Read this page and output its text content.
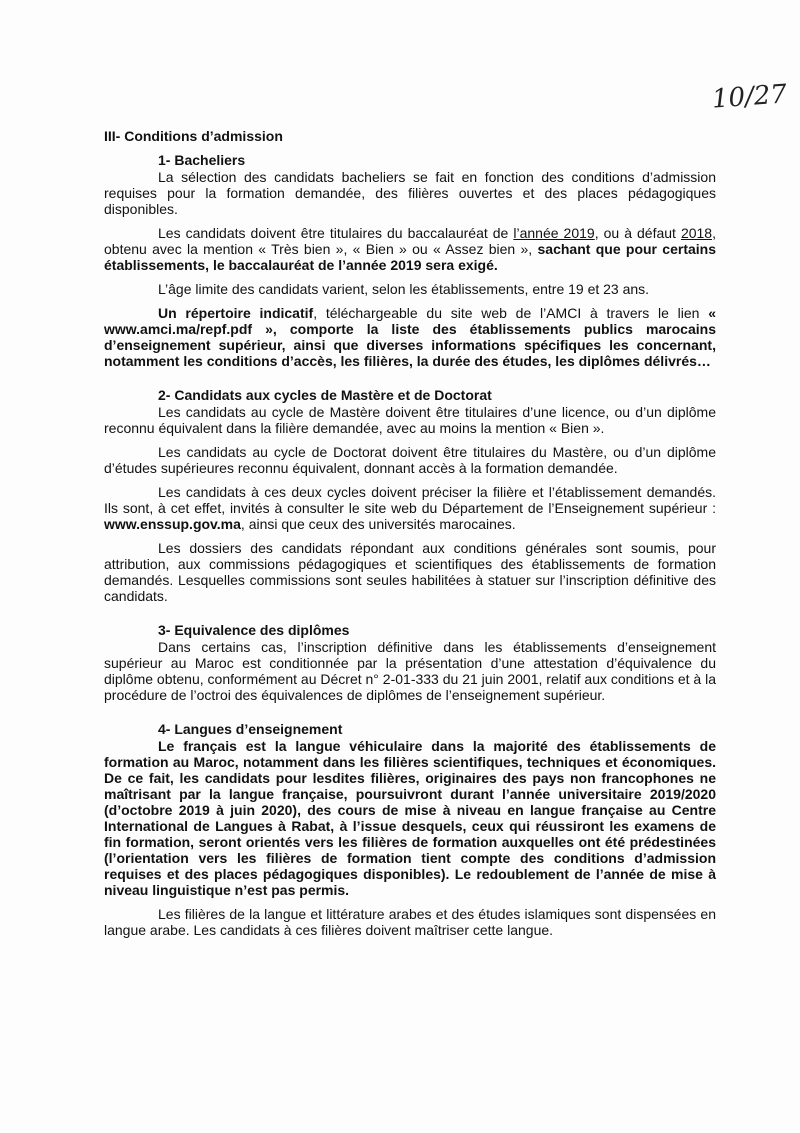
10/27
III- Conditions d’admission
1- Bacheliers

La sélection des candidats bacheliers se fait en fonction des conditions d’admission requises pour la formation demandée, des filières ouvertes et des places pédagogiques disponibles.

Les candidats doivent être titulaires du baccalauréat de l’année 2019, ou à défaut 2018, obtenu avec la mention « Très bien », « Bien » ou « Assez bien », sachant que pour certains établissements, le baccalauréat de l’année 2019 sera exigé.

L’âge limite des candidats varient, selon les établissements, entre 19 et 23 ans.

Un répertoire indicatif, téléchargeable du site web de l’AMCI à travers le lien « www.amci.ma/repf.pdf », comporte la liste des établissements publics marocains d’enseignement supérieur, ainsi que diverses informations spécifiques les concernant, notamment les conditions d’accès, les filières, la durée des études, les diplômes délivrés…

2- Candidats aux cycles de Mastère et de Doctorat

Les candidats au cycle de Mastère doivent être titulaires d’une licence, ou d’un diplôme reconnu équivalent dans la filière demandée, avec au moins la mention « Bien ».

Les candidats au cycle de Doctorat doivent être titulaires du Mastère, ou d’un diplôme d’études supérieures reconnu équivalent, donnant accès à la formation demandée.

Les candidats à ces deux cycles doivent préciser la filière et l’établissement demandés. Ils sont, à cet effet, invités à consulter le site web du Département de l’Enseignement supérieur : www.enssup.gov.ma, ainsi que ceux des universités marocaines.

Les dossiers des candidats répondant aux conditions générales sont soumis, pour attribution, aux commissions pédagogiques et scientifiques des établissements de formation demandés. Lesquelles commissions sont seules habilitées à statuer sur l’inscription définitive des candidats.

3- Equivalence des diplômes

Dans certains cas, l’inscription définitive dans les établissements d’enseignement supérieur au Maroc est conditionnée par la présentation d’une attestation d’équivalence du diplôme obtenu, conformément au Décret n° 2-01-333 du 21 juin 2001, relatif aux conditions et à la procédure de l’octroi des équivalences de diplômes de l’enseignement supérieur.

4- Langues d’enseignement

Le français est la langue véhiculaire dans la majorité des établissements de formation au Maroc, notamment dans les filières scientifiques, techniques et économiques. De ce fait, les candidats pour lesdites filières, originaires des pays non francophones ne maîtrisant par la langue française, poursuivront durant l’année universitaire 2019/2020 (d’octobre 2019 à juin 2020), des cours de mise à niveau en langue française au Centre International de Langues à Rabat, à l’issue desquels, ceux qui réussiront les examens de fin formation, seront orientés vers les filières de formation auxquelles ont été prédestinées (l’orientation vers les filières de formation tient compte des conditions d’admission requises et des places pédagogiques disponibles). Le redoublement de l’année de mise à niveau linguistique n’est pas permis.

Les filières de la langue et littérature arabes et des études islamiques sont dispensées en langue arabe. Les candidats à ces filières doivent maîtriser cette langue.
